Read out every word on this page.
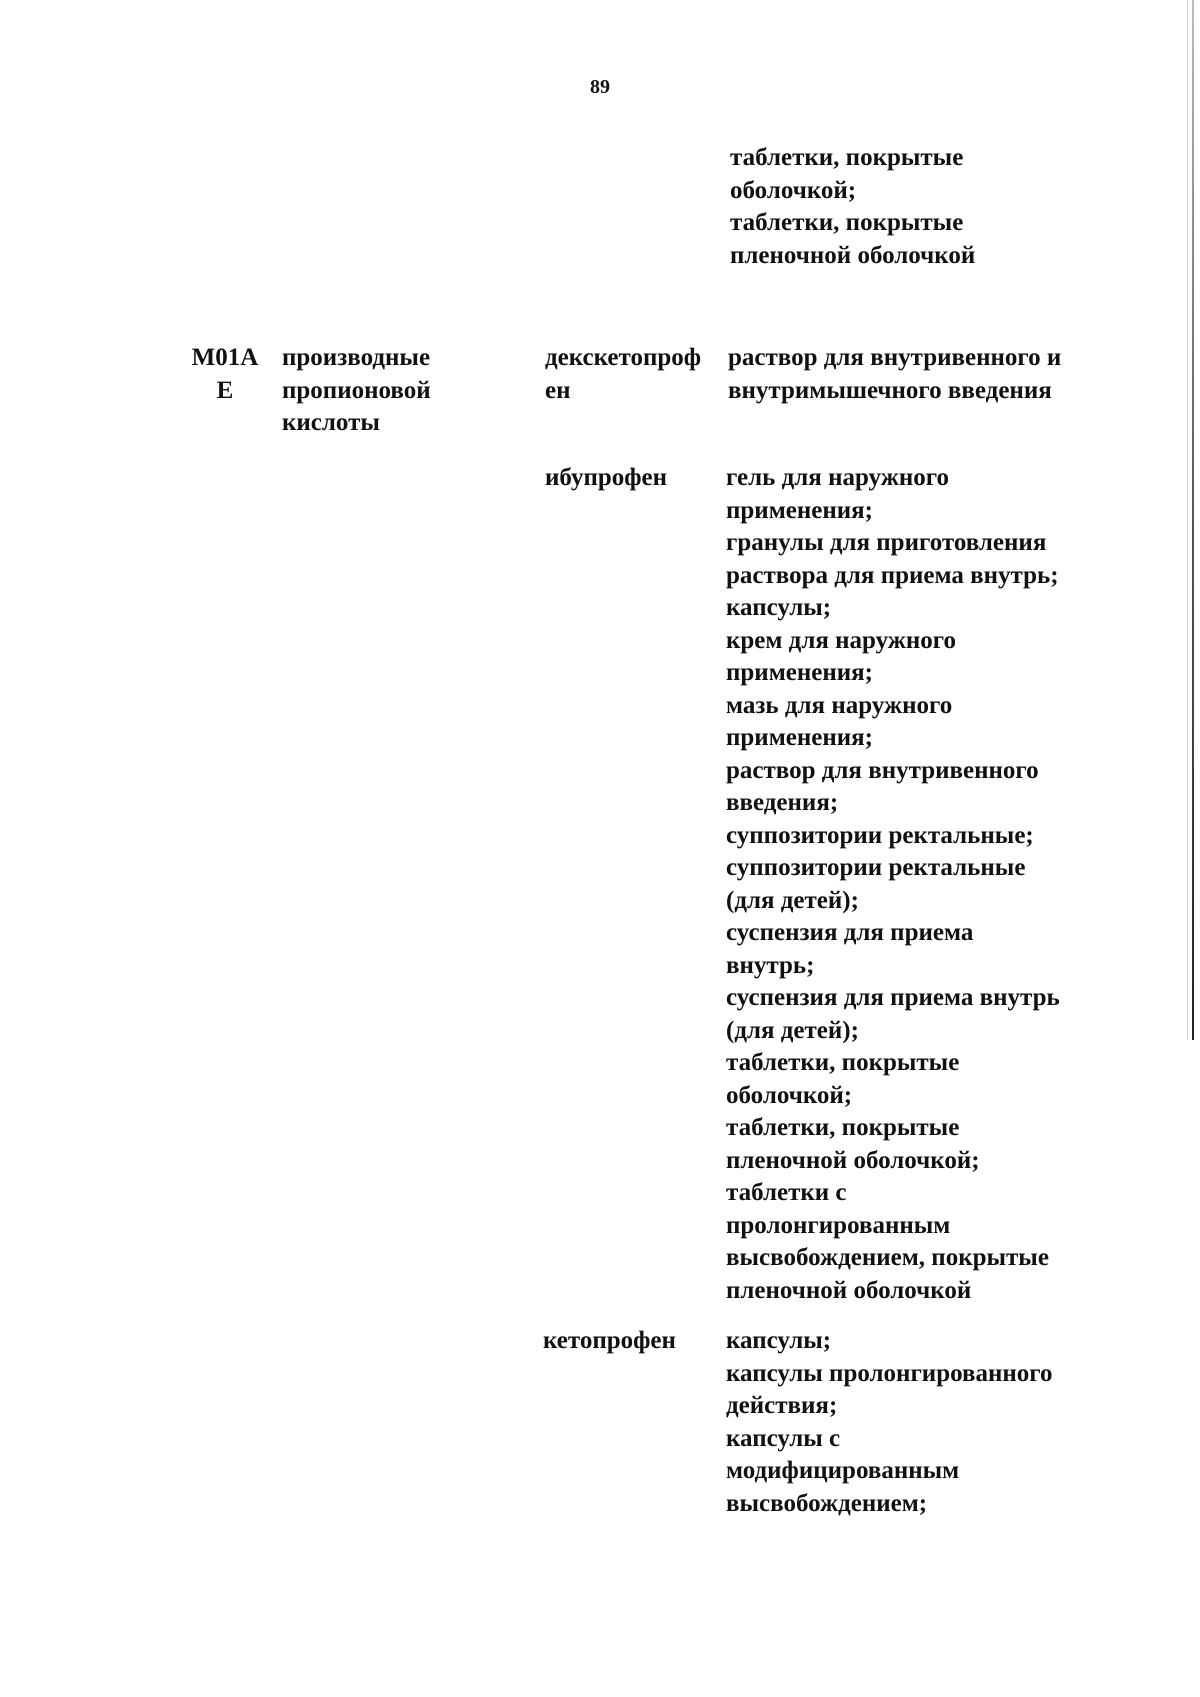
89
таблетки, покрытые
оболочкой;
таблетки, покрытые
пленочной оболочкой
М01А
Е
производные
пропионовой
кислоты
декскетопроф
ен
раствор для внутривенного и
внутримышечного введения
ибупрофен гель для наружного
применения;
гранулы для приготовления
раствора для приема внутрь;
капсулы;
крем для наружного
применения;
мазь для наружного
применения;
раствор для внутривенного
введения;
суппозитории ректальные;
суппозитории ректальные
(для детей);
суспензия для приема
внутрь;
суспензия для приема внутрь
(для детей);
таблетки, покрытые
оболочкой;
таблетки, покрытые
пленочной оболочкой;
таблетки с
пролонгированным
высвобождением, покрытые
пленочной оболочкой
кетопрофен капсулы;
капсулы пролонгированного
действия;
капсулы с
модифицированным
высвобождением;
